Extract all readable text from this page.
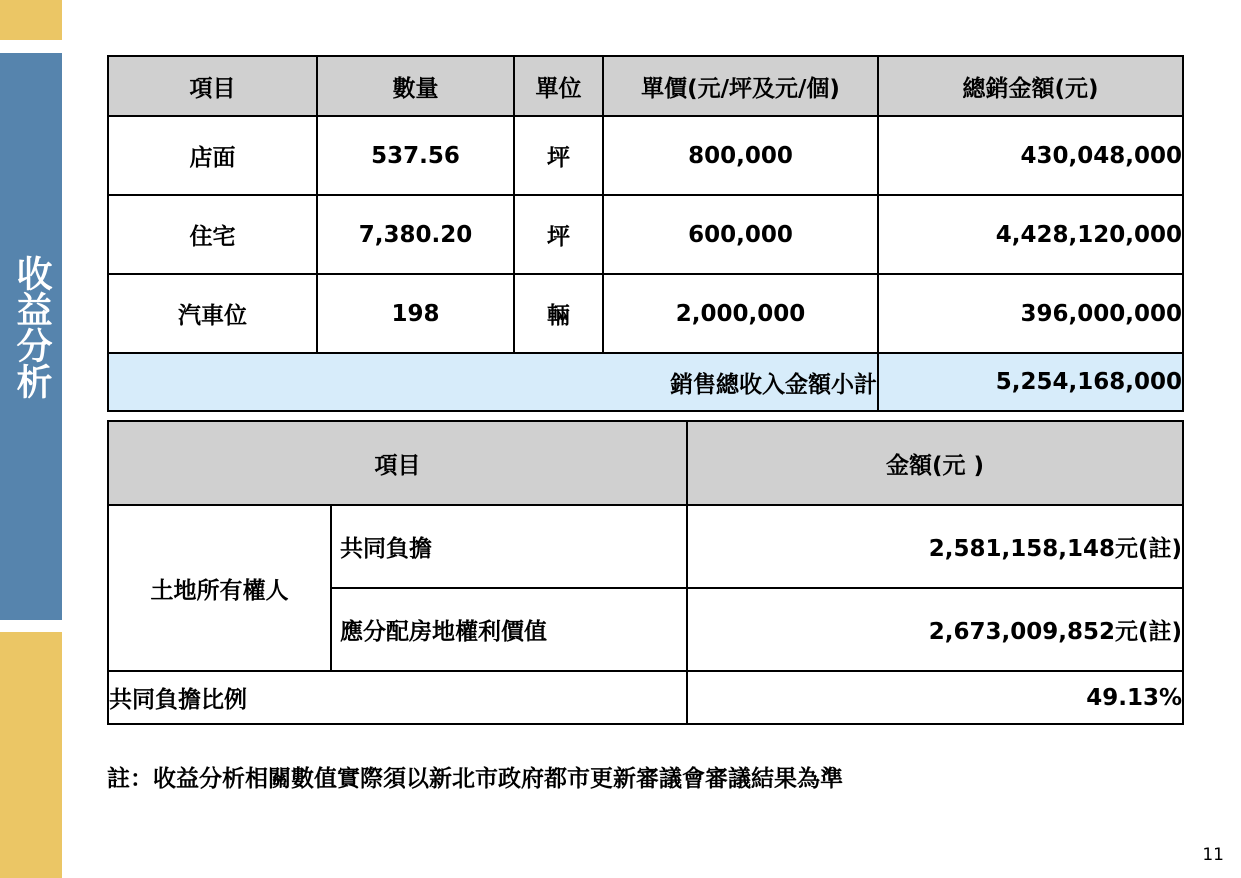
收益分析
項目	數量	單位	單價(元/坪及元/個)	總銷金額(元)
店面	537.56	坪	800,000	430,048,000
住宅	7,380.20	坪	600,000	4,428,120,000
汽車位	198	輛	2,000,000	396,000,000
銷售總收入金額小計				5,254,168,000
項目		金額(元 )
土地所有權人	共同負擔	2,581,158,148元(註)
	應分配房地權利價值	2,673,009,852元(註)
共同負擔比例		49.13%
註：收益分析相關數值實際須以新北市政府都市更新審議會審議結果為準
11
